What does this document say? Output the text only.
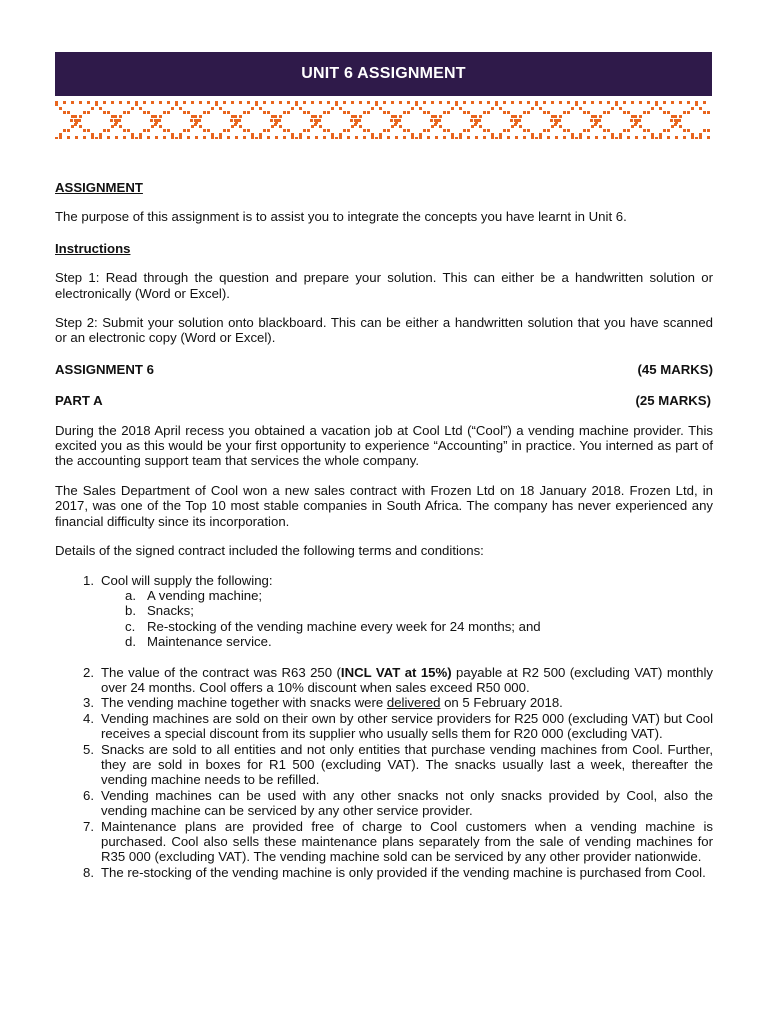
UNIT 6 ASSIGNMENT

ASSIGNMENT

The purpose of this assignment is to assist you to integrate the concepts you have learnt in Unit 6.

Instructions

Step 1: Read through the question and prepare your solution. This can either be a handwritten solution or electronically (Word or Excel).

Step 2: Submit your solution onto blackboard. This can be either a handwritten solution that you have scanned or an electronic copy (Word or Excel).

ASSIGNMENT 6	(45 MARKS)
PART A	(25 MARKS)

During the 2018 April recess you obtained a vacation job at Cool Ltd (“Cool”) a vending machine provider. This excited you as this would be your first opportunity to experience “Accounting” in practice. You interned as part of the accounting support team that services the whole company.

The Sales Department of Cool won a new sales contract with Frozen Ltd on 18 January 2018. Frozen Ltd, in 2017, was one of the Top 10 most stable companies in South Africa. The company has never experienced any financial difficulty since its incorporation.

Details of the signed contract included the following terms and conditions:

1. Cool will supply the following:
a. A vending machine;
b. Snacks;
c. Re-stocking of the vending machine every week for 24 months; and
d. Maintenance service.
2. The value of the contract was R63 250 (INCL VAT at 15%) payable at R2 500 (excluding VAT) monthly over 24 months. Cool offers a 10% discount when sales exceed R50 000.
3. The vending machine together with snacks were delivered on 5 February 2018.
4. Vending machines are sold on their own by other service providers for R25 000 (excluding VAT) but Cool receives a special discount from its supplier who usually sells them for R20 000 (excluding VAT).
5. Snacks are sold to all entities and not only entities that purchase vending machines from Cool. Further, they are sold in boxes for R1 500 (excluding VAT). The snacks usually last a week, thereafter the vending machine needs to be refilled.
6. Vending machines can be used with any other snacks not only snacks provided by Cool, also the vending machine can be serviced by any other service provider.
7. Maintenance plans are provided free of charge to Cool customers when a vending machine is purchased. Cool also sells these maintenance plans separately from the sale of vending machines for R35 000 (excluding VAT). The vending machine sold can be serviced by any other provider nationwide.
8. The re-stocking of the vending machine is only provided if the vending machine is purchased from Cool.
